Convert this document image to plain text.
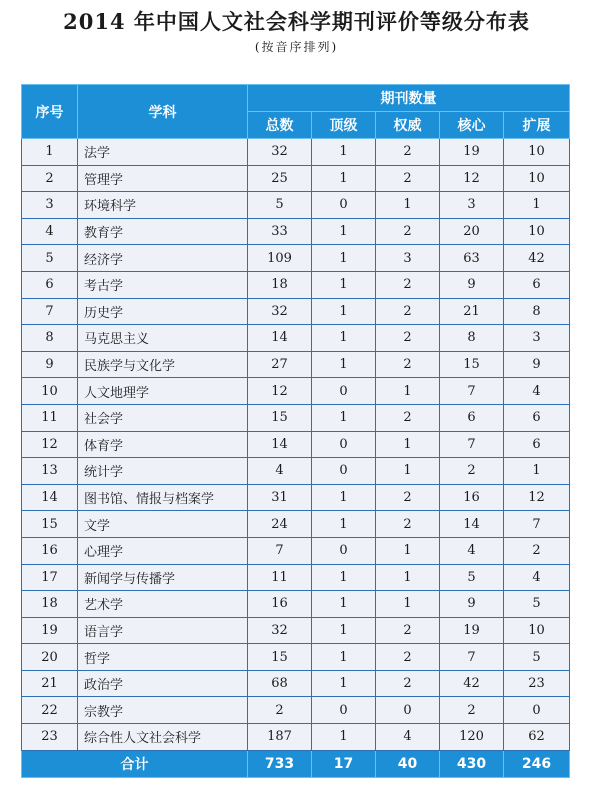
2014 年中国人文社会科学期刊评价等级分布表
(按音序排列)
序号	学科	期刊数量				
		总数	顶级	权威	核心	扩展
1	法学	32	1	2	19	10
2	管理学	25	1	2	12	10
3	环境科学	5	0	1	3	1
4	教育学	33	1	2	20	10
5	经济学	109	1	3	63	42
6	考古学	18	1	2	9	6
7	历史学	32	1	2	21	8
8	马克思主义	14	1	2	8	3
9	民族学与文化学	27	1	2	15	9
10	人文地理学	12	0	1	7	4
11	社会学	15	1	2	6	6
12	体育学	14	0	1	7	6
13	统计学	4	0	1	2	1
14	图书馆、情报与档案学	31	1	2	16	12
15	文学	24	1	2	14	7
16	心理学	7	0	1	4	2
17	新闻学与传播学	11	1	1	5	4
18	艺术学	16	1	1	9	5
19	语言学	32	1	2	19	10
20	哲学	15	1	2	7	5
21	政治学	68	1	2	42	23
22	宗教学	2	0	0	2	0
23	综合性人文社会科学	187	1	4	120	62
合计		733	17	40	430	246
